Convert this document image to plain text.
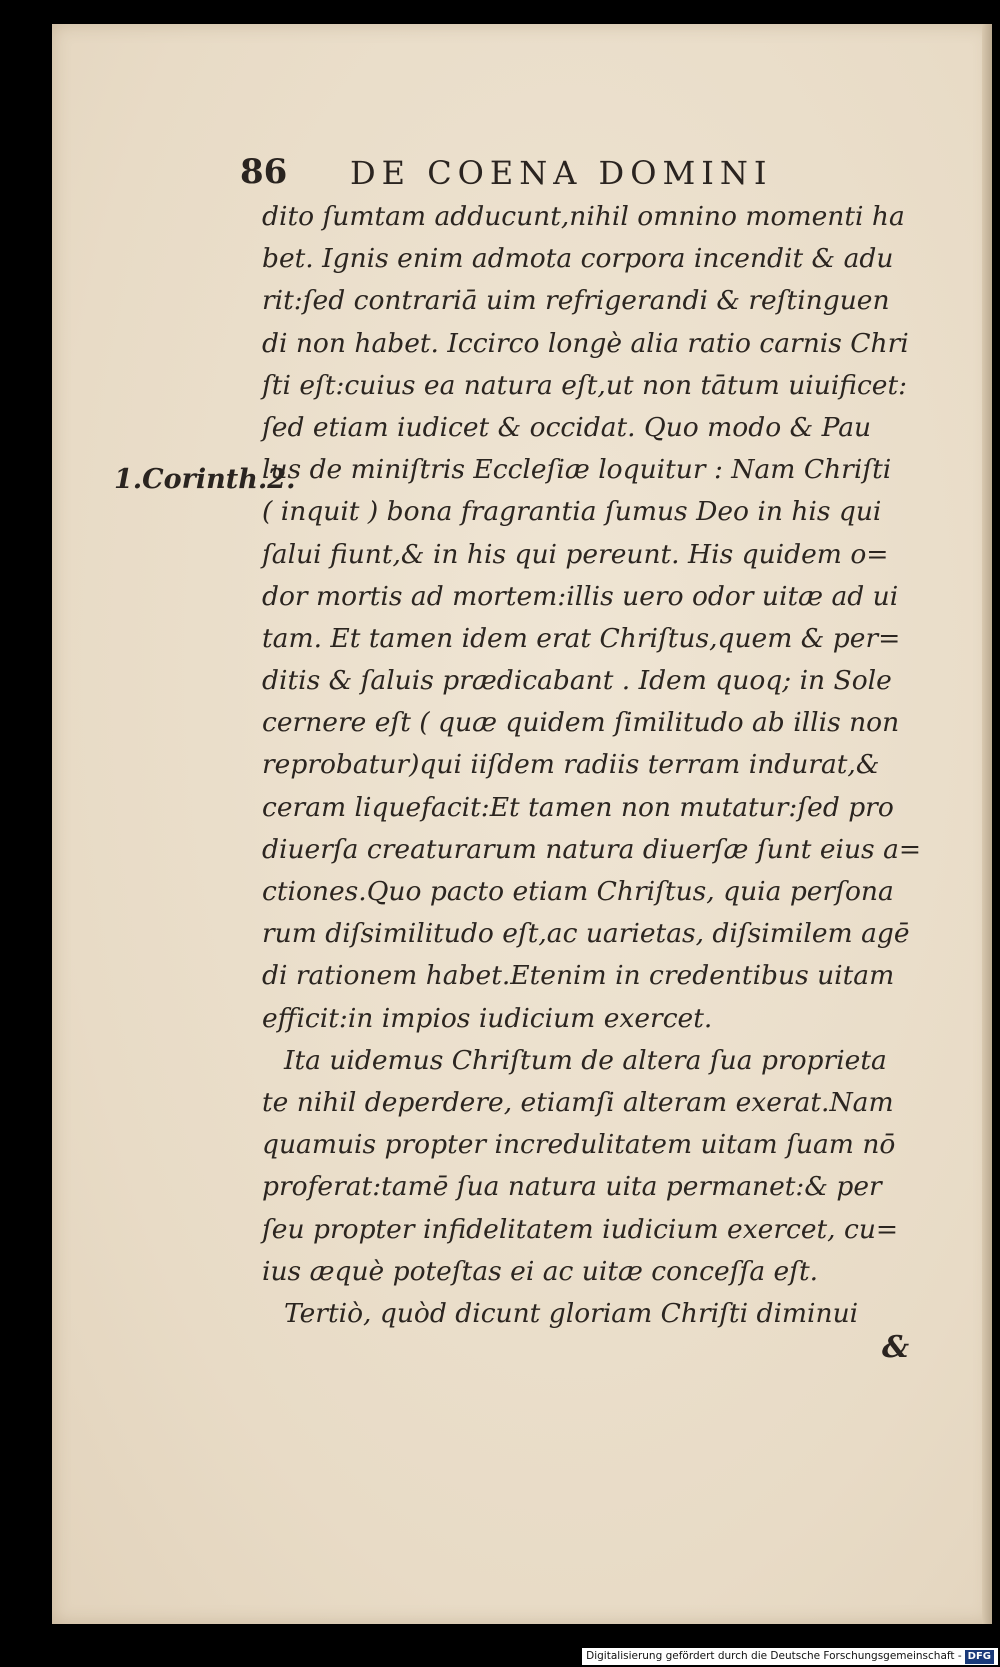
86 DE COENA DOMINI
1.Corinth.2.
dito ſumtam adducunt,nihil omnino momenti ha
bet. Ignis enim admota corpora incendit & adu
rit:ſed contrariā uim refrigerandi & reſtinguen
di non habet. Iccirco longè alia ratio carnis Chri
ſti eſt:cuius ea natura eſt,ut non tātum uiuificet:
ſed etiam iudicet & occidat. Quo modo & Pau
lus de miniſtris Eccleſiæ loquitur : Nam Chriſti
( inquit ) bona fragrantia ſumus Deo in his qui
ſalui fiunt,& in his qui pereunt. His quidem o=
dor mortis ad mortem:illis uero odor uitæ ad ui
tam. Et tamen idem erat Chriſtus,quem & per=
ditis & ſaluis prædicabant . Idem quoq; in Sole
cernere eſt ( quæ quidem ſimilitudo ab illis non
reprobatur)qui iiſdem radiis terram indurat,&
ceram liquefacit:Et tamen non mutatur:ſed pro
diuerſa creaturarum natura diuerſæ ſunt eius a=
ctiones.Quo pacto etiam Chriſtus, quia perſona
rum diſsimilitudo eſt,ac uarietas, diſsimilem agē
di rationem habet.Etenim in credentibus uitam
efficit:in impios iudicium exercet.
Ita uidemus Chriſtum de altera ſua proprieta
te nihil deperdere, etiamſi alteram exerat.Nam
quamuis propter incredulitatem uitam ſuam nō
proferat:tamē ſua natura uita permanet:& per
ſeu propter infidelitatem iudicium exercet, cu=
ius æquè poteſtas ei ac uitæ conceſſa eſt.
Tertiò, quòd dicunt gloriam Chriſti diminui
&
Digitalisierung gefördert durch die Deutsche Forschungsgemeinschaft - DFG
